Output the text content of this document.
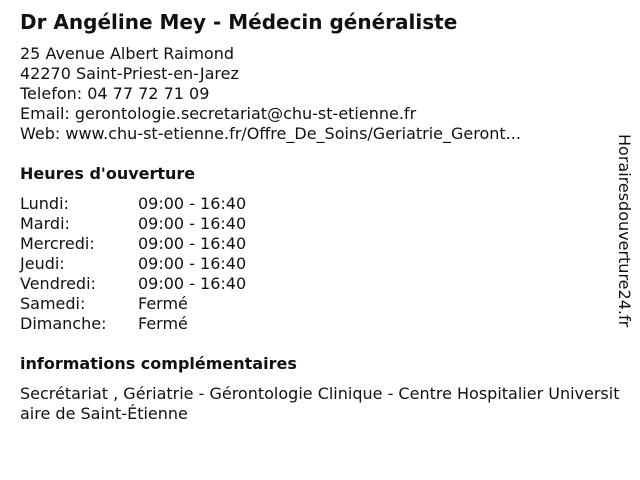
Dr Angéline Mey - Médecin généraliste
25 Avenue Albert Raimond
42270 Saint-Priest-en-Jarez
Telefon: 04 77 72 71 09
Email: gerontologie.secretariat@chu-st-etienne.fr
Web: www.chu-st-etienne.fr/Offre_De_Soins/Geriatrie_Geront...
Heures d'ouverture
Lundi:	09:00 - 16:40
Mardi:	09:00 - 16:40
Mercredi:	09:00 - 16:40
Jeudi:	09:00 - 16:40
Vendredi:	09:00 - 16:40
Samedi:	Fermé
Dimanche:	Fermé
informations complémentaires
Secrétariat , Gériatrie - Gérontologie Clinique - Centre Hospitalier Universitaire de Saint-Étienne
Horairesdouverture24.fr
